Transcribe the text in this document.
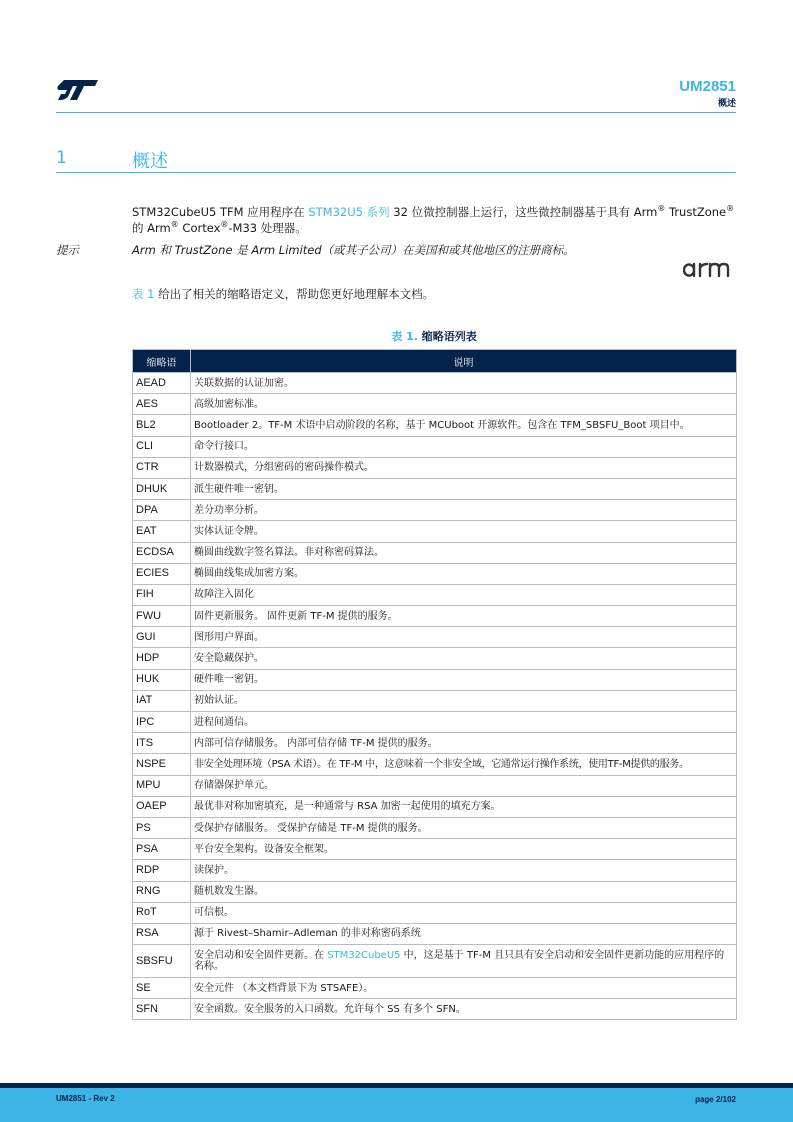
UM2851
概述
1	概述
STM32CubeU5 TFM 应用程序在 STM32U5 系列 32 位微控制器上运行，这些微控制器基于具有 Arm® TrustZone®
的 Arm® Cortex®-M33 处理器。
提示	Arm 和 TrustZone 是 Arm Limited（或其子公司）在美国和或其他地区的注册商标。
表 1 给出了相关的缩略语定义，帮助您更好地理解本文档。
表 1. 缩略语列表
缩略语	说明
AEAD	关联数据的认证加密。
AES	高级加密标准。
BL2	Bootloader 2。TF-M 术语中启动阶段的名称，基于 MCUboot 开源软件。包含在 TFM_SBSFU_Boot 项目中。
CLI	命令行接口。
CTR	计数器模式，分组密码的密码操作模式。
DHUK	派生硬件唯一密钥。
DPA	差分功率分析。
EAT	实体认证令牌。
ECDSA	椭圆曲线数字签名算法。非对称密码算法。
ECIES	椭圆曲线集成加密方案。
FIH	故障注入固化
FWU	固件更新服务。 固件更新 TF-M 提供的服务。
GUI	图形用户界面。
HDP	安全隐藏保护。
HUK	硬件唯一密钥。
IAT	初始认证。
IPC	进程间通信。
ITS	内部可信存储服务。 内部可信存储 TF-M 提供的服务。
NSPE	非安全处理环境（PSA 术语）。在 TF-M 中，这意味着一个非安全域，它通常运行操作系统，使用TF-M提供的服务。
MPU	存储器保护单元。
OAEP	最优非对称加密填充，是一种通常与 RSA 加密一起使用的填充方案。
PS	受保护存储服务。 受保护存储是 TF-M 提供的服务。
PSA	平台安全架构。设备安全框架。
RDP	读保护。
RNG	随机数发生器。
RoT	可信根。
RSA	源于 Rivest–Shamir–Adleman 的非对称密码系统
SBSFU	安全启动和安全固件更新。在 STM32CubeU5 中，这是基于 TF-M 且只具有安全启动和安全固件更新功能的应用程序的名称。
SE	安全元件 （本文档背景下为 STSAFE）。
SFN	安全函数。安全服务的入口函数。允许每个 SS 有多个 SFN。
UM2851 - Rev 2	page 2/102
